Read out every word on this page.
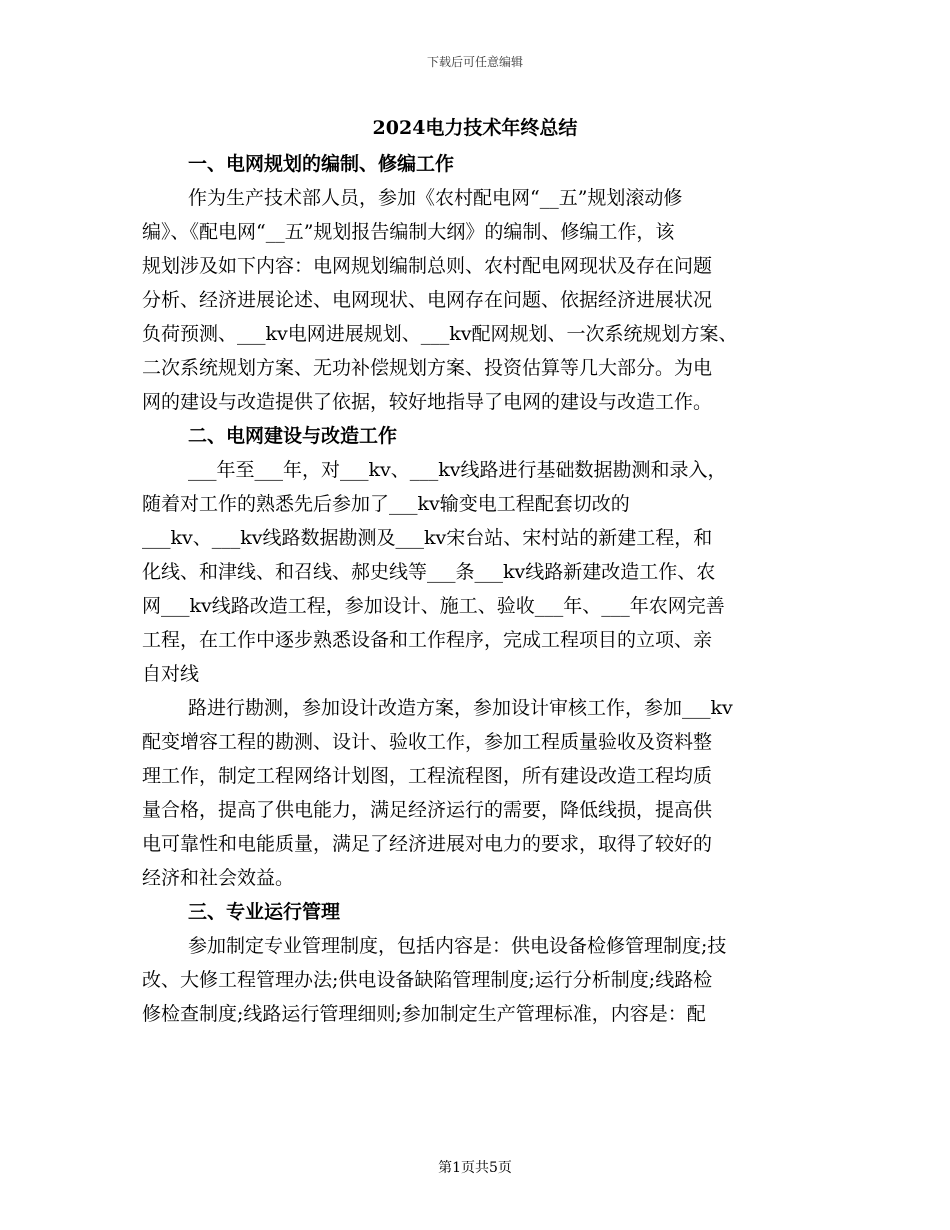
下载后可任意编辑
2024电力技术年终总结
一、电网规划的编制、修编工作
作为生产技术部人员，参加《农村配电网“__五”规划滚动修
编》、《配电网“__五”规划报告编制大纲》的编制、修编工作，该
规划涉及如下内容：电网规划编制总则、农村配电网现状及存在问题
分析、经济进展论述、电网现状、电网存在问题、依据经济进展状况
负荷预测、___kv电网进展规划、___kv配网规划、一次系统规划方案、
二次系统规划方案、无功补偿规划方案、投资估算等几大部分。为电
网的建设与改造提供了依据，较好地指导了电网的建设与改造工作。
二、电网建设与改造工作
___年至___年，对___kv、___kv线路进行基础数据勘测和录入，
随着对工作的熟悉先后参加了___kv输变电工程配套切改的
___kv、___kv线路数据勘测及___kv宋台站、宋村站的新建工程，和
化线、和津线、和召线、郝史线等___条___kv线路新建改造工作、农
网___kv线路改造工程，参加设计、施工、验收___年、___年农网完善
工程，在工作中逐步熟悉设备和工作程序，完成工程项目的立项、亲
自对线
路进行勘测，参加设计改造方案，参加设计审核工作，参加___kv
配变增容工程的勘测、设计、验收工作，参加工程质量验收及资料整
理工作，制定工程网络计划图，工程流程图，所有建设改造工程均质
量合格，提高了供电能力，满足经济运行的需要，降低线损，提高供
电可靠性和电能质量，满足了经济进展对电力的要求，取得了较好的
经济和社会效益。
三、专业运行管理
参加制定专业管理制度，包括内容是：供电设备检修管理制度;技
改、大修工程管理办法;供电设备缺陷管理制度;运行分析制度;线路检
修检查制度;线路运行管理细则;参加制定生产管理标准，内容是：配
第1页共5页
